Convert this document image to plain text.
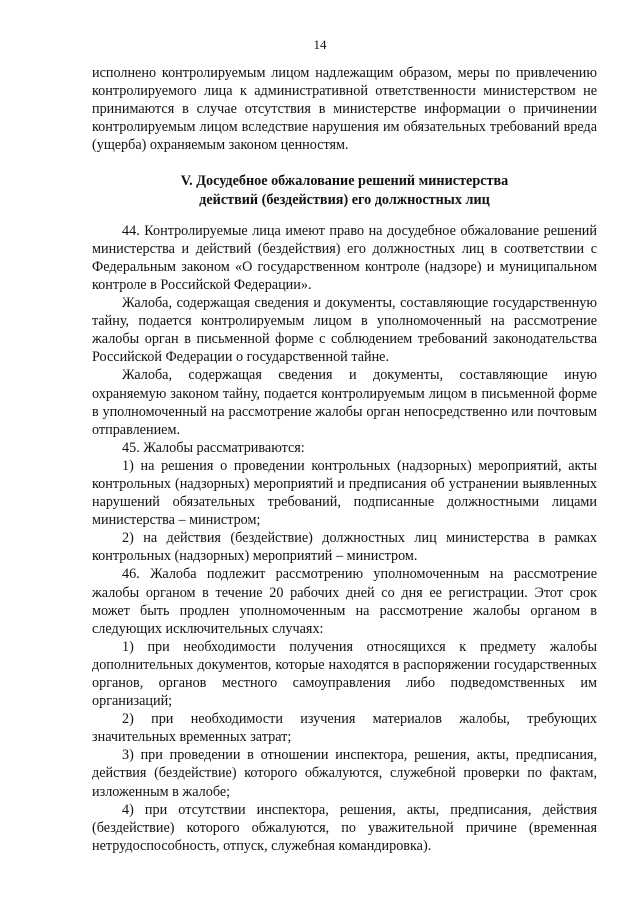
14

исполнено контролируемым лицом надлежащим образом, меры по привлечению контролируемого лица к административной ответственности министерством не принимаются в случае отсутствия в министерстве информации о причинении контролируемым лицом вследствие нарушения им обязательных требований вреда (ущерба) охраняемым законом ценностям.

V. Досудебное обжалование решений министерства
действий (бездействия) его должностных лиц

44. Контролируемые лица имеют право на досудебное обжалование решений министерства и действий (бездействия) его должностных лиц в соответствии с Федеральным законом «О государственном контроле (надзоре) и муниципальном контроле в Российской Федерации».

Жалоба, содержащая сведения и документы, составляющие государственную тайну, подается контролируемым лицом в уполномоченный на рассмотрение жалобы орган в письменной форме с соблюдением требований законодательства Российской Федерации о государственной тайне.

Жалоба, содержащая сведения и документы, составляющие иную охраняемую законом тайну, подается контролируемым лицом в письменной форме в уполномоченный на рассмотрение жалобы орган непосредственно или почтовым отправлением.

45. Жалобы рассматриваются:

1) на решения о проведении контрольных (надзорных) мероприятий, акты контрольных (надзорных) мероприятий и предписания об устранении выявленных нарушений обязательных требований, подписанные должностными лицами министерства – министром;

2) на действия (бездействие) должностных лиц министерства в рамках контрольных (надзорных) мероприятий – министром.

46. Жалоба подлежит рассмотрению уполномоченным на рассмотрение жалобы органом в течение 20 рабочих дней со дня ее регистрации. Этот срок может быть продлен уполномоченным на рассмотрение жалобы органом в следующих исключительных случаях:

1) при необходимости получения относящихся к предмету жалобы дополнительных документов, которые находятся в распоряжении государственных органов, органов местного самоуправления либо подведомственных им организаций;

2) при необходимости изучения материалов жалобы, требующих значительных временных затрат;

3) при проведении в отношении инспектора, решения, акты, предписания, действия (бездействие) которого обжалуются, служебной проверки по фактам, изложенным в жалобе;

4) при отсутствии инспектора, решения, акты, предписания, действия (бездействие) которого обжалуются, по уважительной причине (временная нетрудоспособность, отпуск, служебная командировка).
